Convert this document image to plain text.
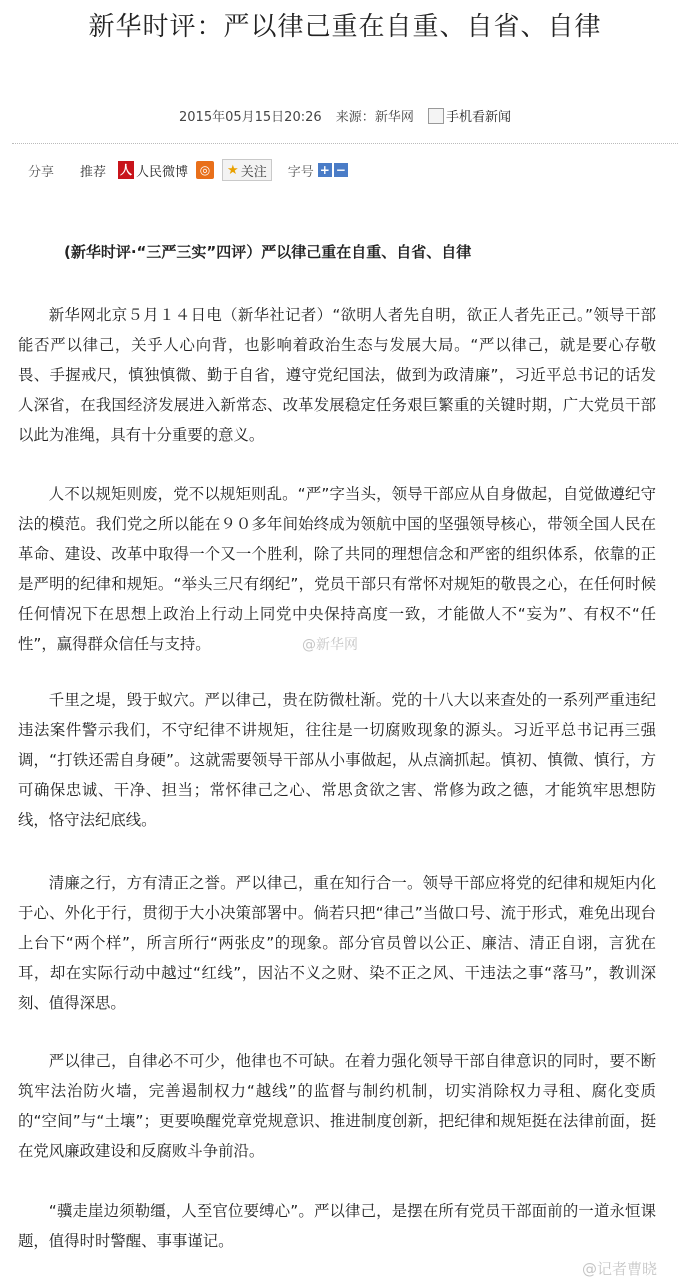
新华时评：严以律己重在自重、自省、自律
2015年05月15日20:26 来源：新华网 手机看新闻
分享 推荐 人 人民微博 ◎ ★ 关注 字号 + −
(新华时评·“三严三实”四评）严以律己重在自重、自省、自律

新华网北京５月１４日电（新华社记者）“欲明人者先自明，欲正人者先正己。”领导干部能否严以律己，关乎人心向背，也影响着政治生态与发展大局。“严以律己，就是要心存敬畏、手握戒尺，慎独慎微、勤于自省，遵守党纪国法，做到为政清廉”，习近平总书记的话发人深省，在我国经济发展进入新常态、改革发展稳定任务艰巨繁重的关键时期，广大党员干部以此为准绳，具有十分重要的意义。

人不以规矩则废，党不以规矩则乱。“严”字当头，领导干部应从自身做起，自觉做遵纪守法的模范。我们党之所以能在９０多年间始终成为领航中国的坚强领导核心，带领全国人民在革命、建设、改革中取得一个又一个胜利，除了共同的理想信念和严密的组织体系，依靠的正是严明的纪律和规矩。“举头三尺有纲纪”，党员干部只有常怀对规矩的敬畏之心，在任何时候任何情况下在思想上政治上行动上同党中央保持高度一致，才能做人不“妄为”、有权不“任性”，赢得群众信任与支持。

千里之堤，毁于蚁穴。严以律己，贵在防微杜渐。党的十八大以来查处的一系列严重违纪违法案件警示我们，不守纪律不讲规矩，往往是一切腐败现象的源头。习近平总书记再三强调，“打铁还需自身硬”。这就需要领导干部从小事做起，从点滴抓起。慎初、慎微、慎行，方可确保忠诚、干净、担当；常怀律己之心、常思贪欲之害、常修为政之德，才能筑牢思想防线，恪守法纪底线。

清廉之行，方有清正之誉。严以律己，重在知行合一。领导干部应将党的纪律和规矩内化于心、外化于行，贯彻于大小决策部署中。倘若只把“律己”当做口号、流于形式，难免出现台上台下“两个样”，所言所行“两张皮”的现象。部分官员曾以公正、廉洁、清正自诩，言犹在耳，却在实际行动中越过“红线”，因沾不义之财、染不正之风、干违法之事“落马”，教训深刻、值得深思。

严以律己，自律必不可少，他律也不可缺。在着力强化领导干部自律意识的同时，要不断筑牢法治防火墙，完善遏制权力“越线”的监督与制约机制，切实消除权力寻租、腐化变质的“空间”与“土壤”；更要唤醒党章党规意识、推进制度创新，把纪律和规矩挺在法律前面，挺在党风廉政建设和反腐败斗争前沿。

“骥走崖边须勒缰，人至官位要缚心”。严以律己，是摆在所有党员干部面前的一道永恒课题，值得时时警醒、事事谨记。

@新华网
@记者曹晓
